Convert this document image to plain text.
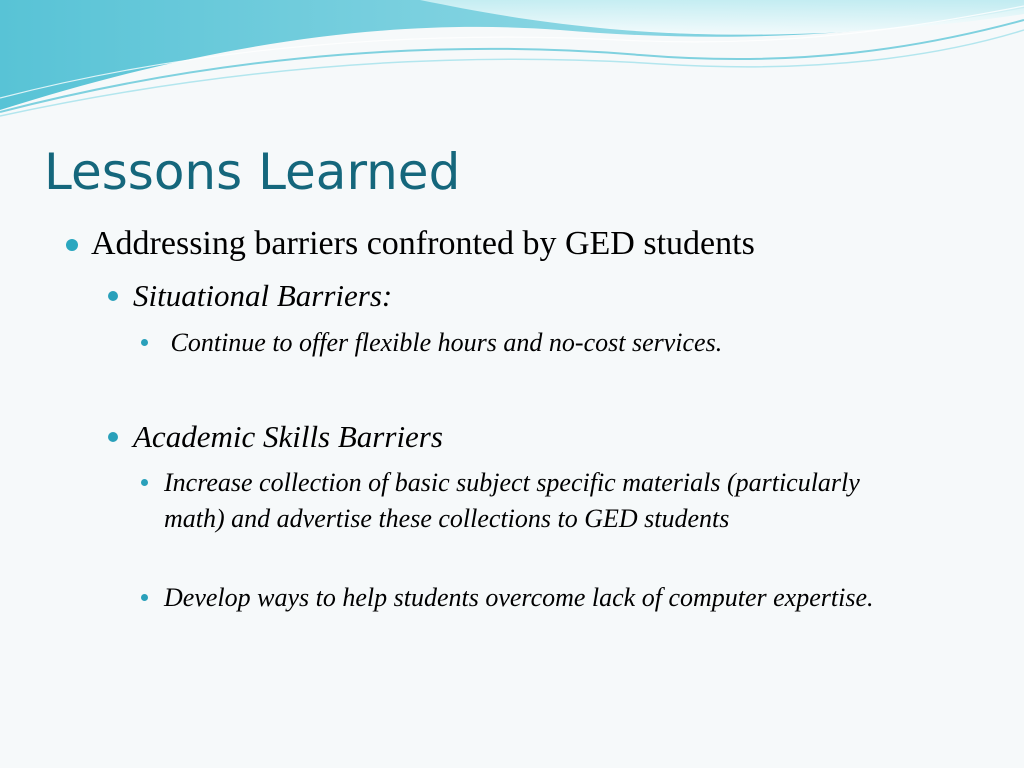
Lessons Learned
Addressing barriers confronted by GED students
Situational Barriers:
Continue to offer flexible hours and no-cost services.
Academic Skills Barriers
Increase collection of basic subject specific materials (particularly math) and advertise these collections to GED students
Develop ways to help students overcome lack of computer expertise.
